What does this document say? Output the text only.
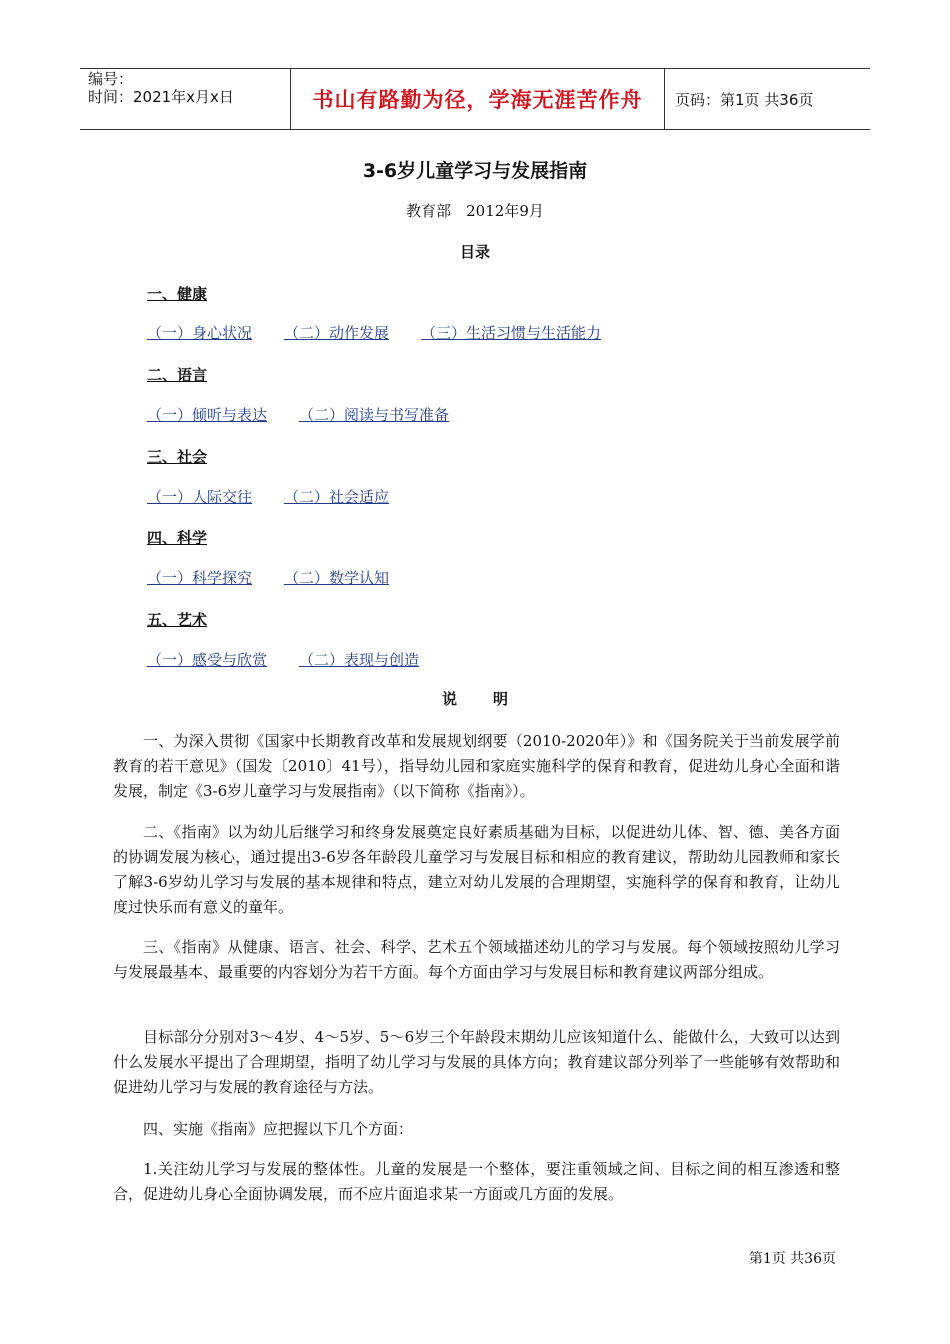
编号：
时间：2021年x月x日	书山有路勤为径，学海无涯苦作舟	页码：第1页 共36页
3-6岁儿童学习与发展指南
教育部　2012年9月
目录
一、健康
（一）身心状况 （二）动作发展 （三）生活习惯与生活能力
二、语言
（一）倾听与表达 （二）阅读与书写准备
三、社会
（一）人际交往 （二）社会适应
四、科学
（一）科学探究 （二）数学认知
五、艺术
（一）感受与欣赏 （二）表现与创造
说 明

一、为深入贯彻《国家中长期教育改革和发展规划纲要（2010-2020年）》和《国务院关于当前发展学前教育的若干意见》（国发〔2010〕41号），指导幼儿园和家庭实施科学的保育和教育，促进幼儿身心全面和谐发展，制定《3-6岁儿童学习与发展指南》（以下简称《指南》）。

二、《指南》以为幼儿后继学习和终身发展奠定良好素质基础为目标，以促进幼儿体、智、德、美各方面的协调发展为核心，通过提出3-6岁各年龄段儿童学习与发展目标和相应的教育建议，帮助幼儿园教师和家长了解3-6岁幼儿学习与发展的基本规律和特点，建立对幼儿发展的合理期望，实施科学的保育和教育，让幼儿度过快乐而有意义的童年。

三、《指南》从健康、语言、社会、科学、艺术五个领域描述幼儿的学习与发展。每个领域按照幼儿学习与发展最基本、最重要的内容划分为若干方面。每个方面由学习与发展目标和教育建议两部分组成。

目标部分分别对3～4岁、4～5岁、5～6岁三个年龄段末期幼儿应该知道什么、能做什么，大致可以达到什么发展水平提出了合理期望，指明了幼儿学习与发展的具体方向；教育建议部分列举了一些能够有效帮助和促进幼儿学习与发展的教育途径与方法。

四、实施《指南》应把握以下几个方面：

1.关注幼儿学习与发展的整体性。儿童的发展是一个整体，要注重领域之间、目标之间的相互渗透和整合，促进幼儿身心全面协调发展，而不应片面追求某一方面或几方面的发展。

第1页 共36页
